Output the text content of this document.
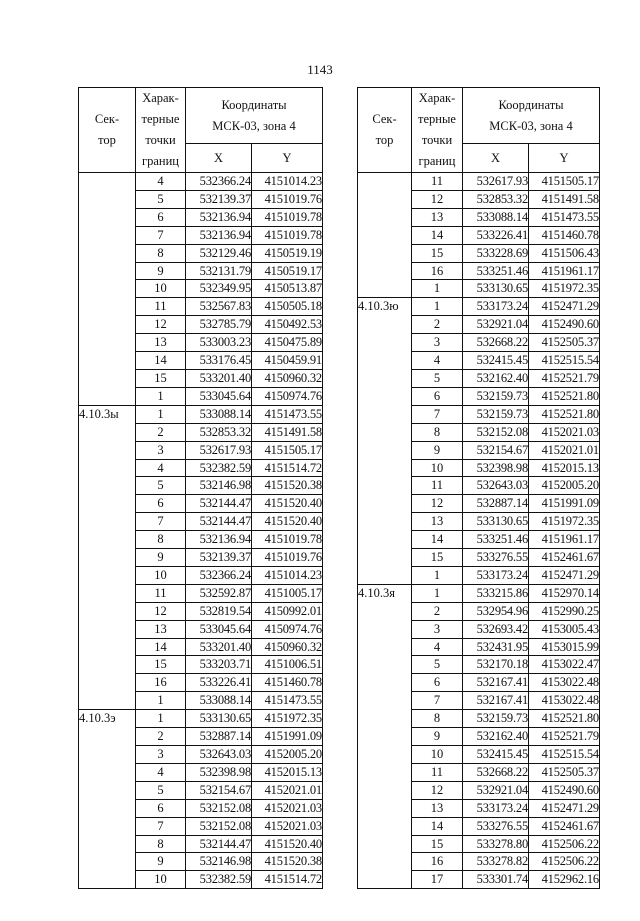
1143
Сек-
тор	Харак-
терные
точки
границ	Координаты
МСК-03, зона 4	

		X	Y
	4	532366.24	4151014.23
	5	532139.37	4151019.76
	6	532136.94	4151019.78
	7	532136.94	4151019.78
	8	532129.46	4150519.19
	9	532131.79	4150519.17
	10	532349.95	4150513.87
	11	532567.83	4150505.18
	12	532785.79	4150492.53
	13	533003.23	4150475.89
	14	533176.45	4150459.91
	15	533201.40	4150960.32
	1	533045.64	4150974.76
4.10.3ы	1	533088.14	4151473.55
	2	532853.32	4151491.58
	3	532617.93	4151505.17
	4	532382.59	4151514.72
	5	532146.98	4151520.38
	6	532144.47	4151520.40
	7	532144.47	4151520.40
	8	532136.94	4151019.78
	9	532139.37	4151019.76
	10	532366.24	4151014.23
	11	532592.87	4151005.17
	12	532819.54	4150992.01
	13	533045.64	4150974.76
	14	533201.40	4150960.32
	15	533203.71	4151006.51
	16	533226.41	4151460.78
	1	533088.14	4151473.55
4.10.3э	1	533130.65	4151972.35
	2	532887.14	4151991.09
	3	532643.03	4152005.20
	4	532398.98	4152015.13
	5	532154.67	4152021.01
	6	532152.08	4152021.03
	7	532152.08	4152021.03
	8	532144.47	4151520.40
	9	532146.98	4151520.38
	10	532382.59	4151514.72
Сек-
тор	Харак-
терные
точки
границ	Координаты
МСК-03, зона 4	

		X	Y
	11	532617.93	4151505.17
	12	532853.32	4151491.58
	13	533088.14	4151473.55
	14	533226.41	4151460.78
	15	533228.69	4151506.43
	16	533251.46	4151961.17
	1	533130.65	4151972.35
4.10.3ю	1	533173.24	4152471.29
	2	532921.04	4152490.60
	3	532668.22	4152505.37
	4	532415.45	4152515.54
	5	532162.40	4152521.79
	6	532159.73	4152521.80
	7	532159.73	4152521.80
	8	532152.08	4152021.03
	9	532154.67	4152021.01
	10	532398.98	4152015.13
	11	532643.03	4152005.20
	12	532887.14	4151991.09
	13	533130.65	4151972.35
	14	533251.46	4151961.17
	15	533276.55	4152461.67
	1	533173.24	4152471.29
4.10.3я	1	533215.86	4152970.14
	2	532954.96	4152990.25
	3	532693.42	4153005.43
	4	532431.95	4153015.99
	5	532170.18	4153022.47
	6	532167.41	4153022.48
	7	532167.41	4153022.48
	8	532159.73	4152521.80
	9	532162.40	4152521.79
	10	532415.45	4152515.54
	11	532668.22	4152505.37
	12	532921.04	4152490.60
	13	533173.24	4152471.29
	14	533276.55	4152461.67
	15	533278.80	4152506.22
	16	533278.82	4152506.22
	17	533301.74	4152962.16
